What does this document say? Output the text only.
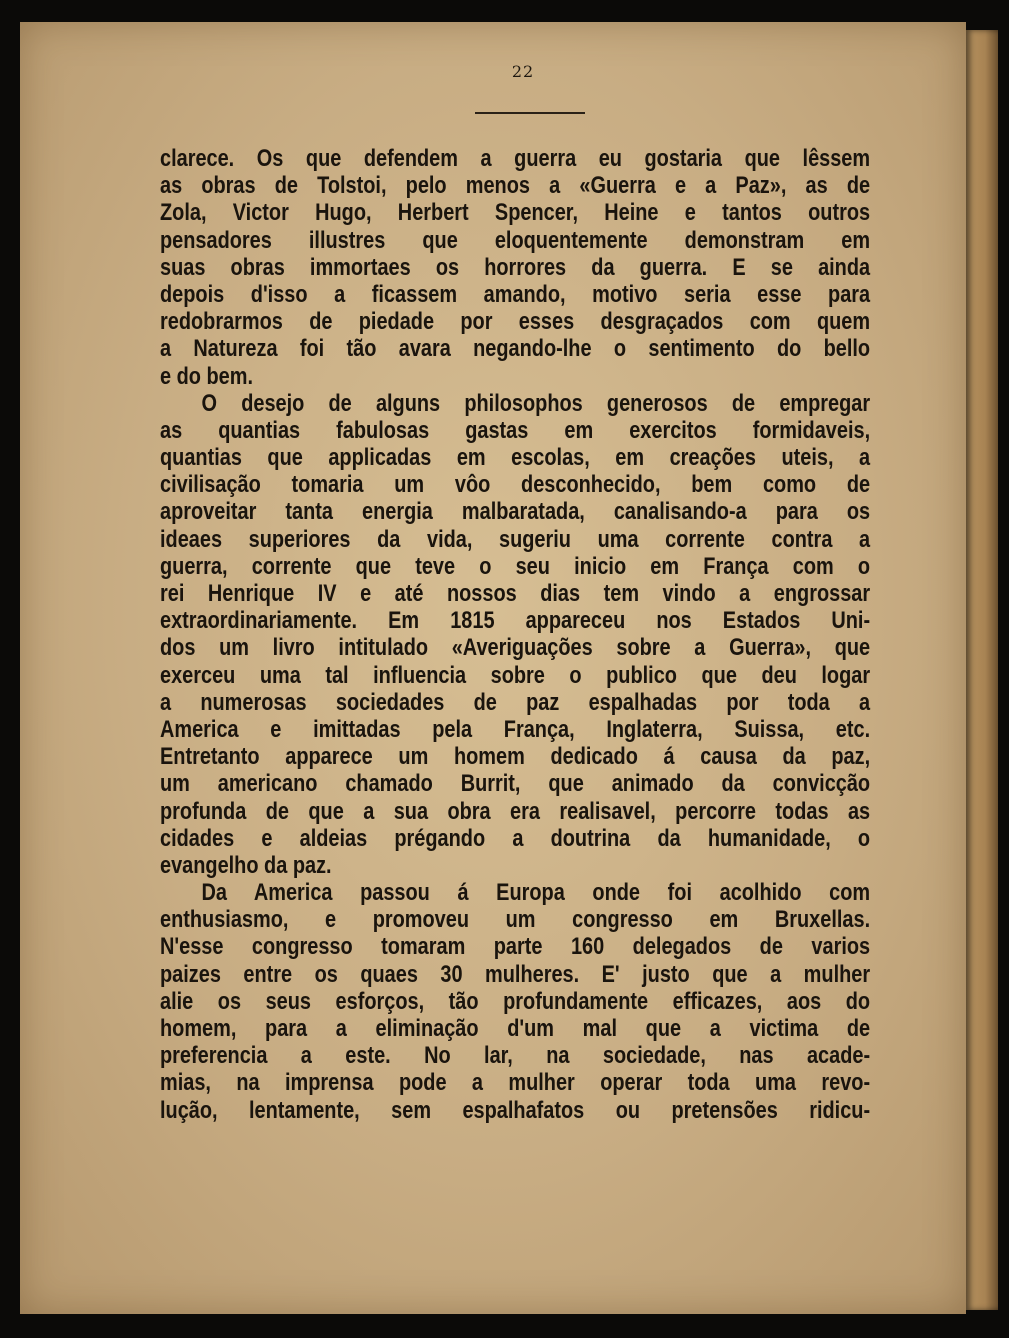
22
clarece. Os que defendem a guerra eu gostaria que lêssem
as obras de Tolstoi, pelo menos a «Guerra e a Paz», as de
Zola, Victor Hugo, Herbert Spencer, Heine e tantos outros
pensadores illustres que eloquentemente demonstram em
suas obras immortaes os horrores da guerra. E se ainda
depois d'isso a ficassem amando, motivo seria esse para
redobrarmos de piedade por esses desgraçados com quem
a Natureza foi tão avara negando-lhe o sentimento do bello
e do bem.
O desejo de alguns philosophos generosos de empregar
as quantias fabulosas gastas em exercitos formidaveis,
quantias que applicadas em escolas, em creações uteis, a
civilisação tomaria um vôo desconhecido, bem como de
aproveitar tanta energia malbaratada, canalisando-a para os
ideaes superiores da vida, sugeriu uma corrente contra a
guerra, corrente que teve o seu inicio em França com o
rei Henrique IV e até nossos dias tem vindo a engrossar
extraordinariamente. Em 1815 appareceu nos Estados Uni-
dos um livro intitulado «Averiguações sobre a Guerra», que
exerceu uma tal influencia sobre o publico que deu logar
a numerosas sociedades de paz espalhadas por toda a
America e imittadas pela França, Inglaterra, Suissa, etc.
Entretanto apparece um homem dedicado á causa da paz,
um americano chamado Burrit, que animado da convicção
profunda de que a sua obra era realisavel, percorre todas as
cidades e aldeias prégando a doutrina da humanidade, o
evangelho da paz.
Da America passou á Europa onde foi acolhido com
enthusiasmo, e promoveu um congresso em Bruxellas.
N'esse congresso tomaram parte 160 delegados de varios
paizes entre os quaes 30 mulheres. E' justo que a mulher
alie os seus esforços, tão profundamente efficazes, aos do
homem, para a eliminação d'um mal que a victima de
preferencia a este. No lar, na sociedade, nas acade-
mias, na imprensa pode a mulher operar toda uma revo-
lução, lentamente, sem espalhafatos ou pretensões ridicu-
